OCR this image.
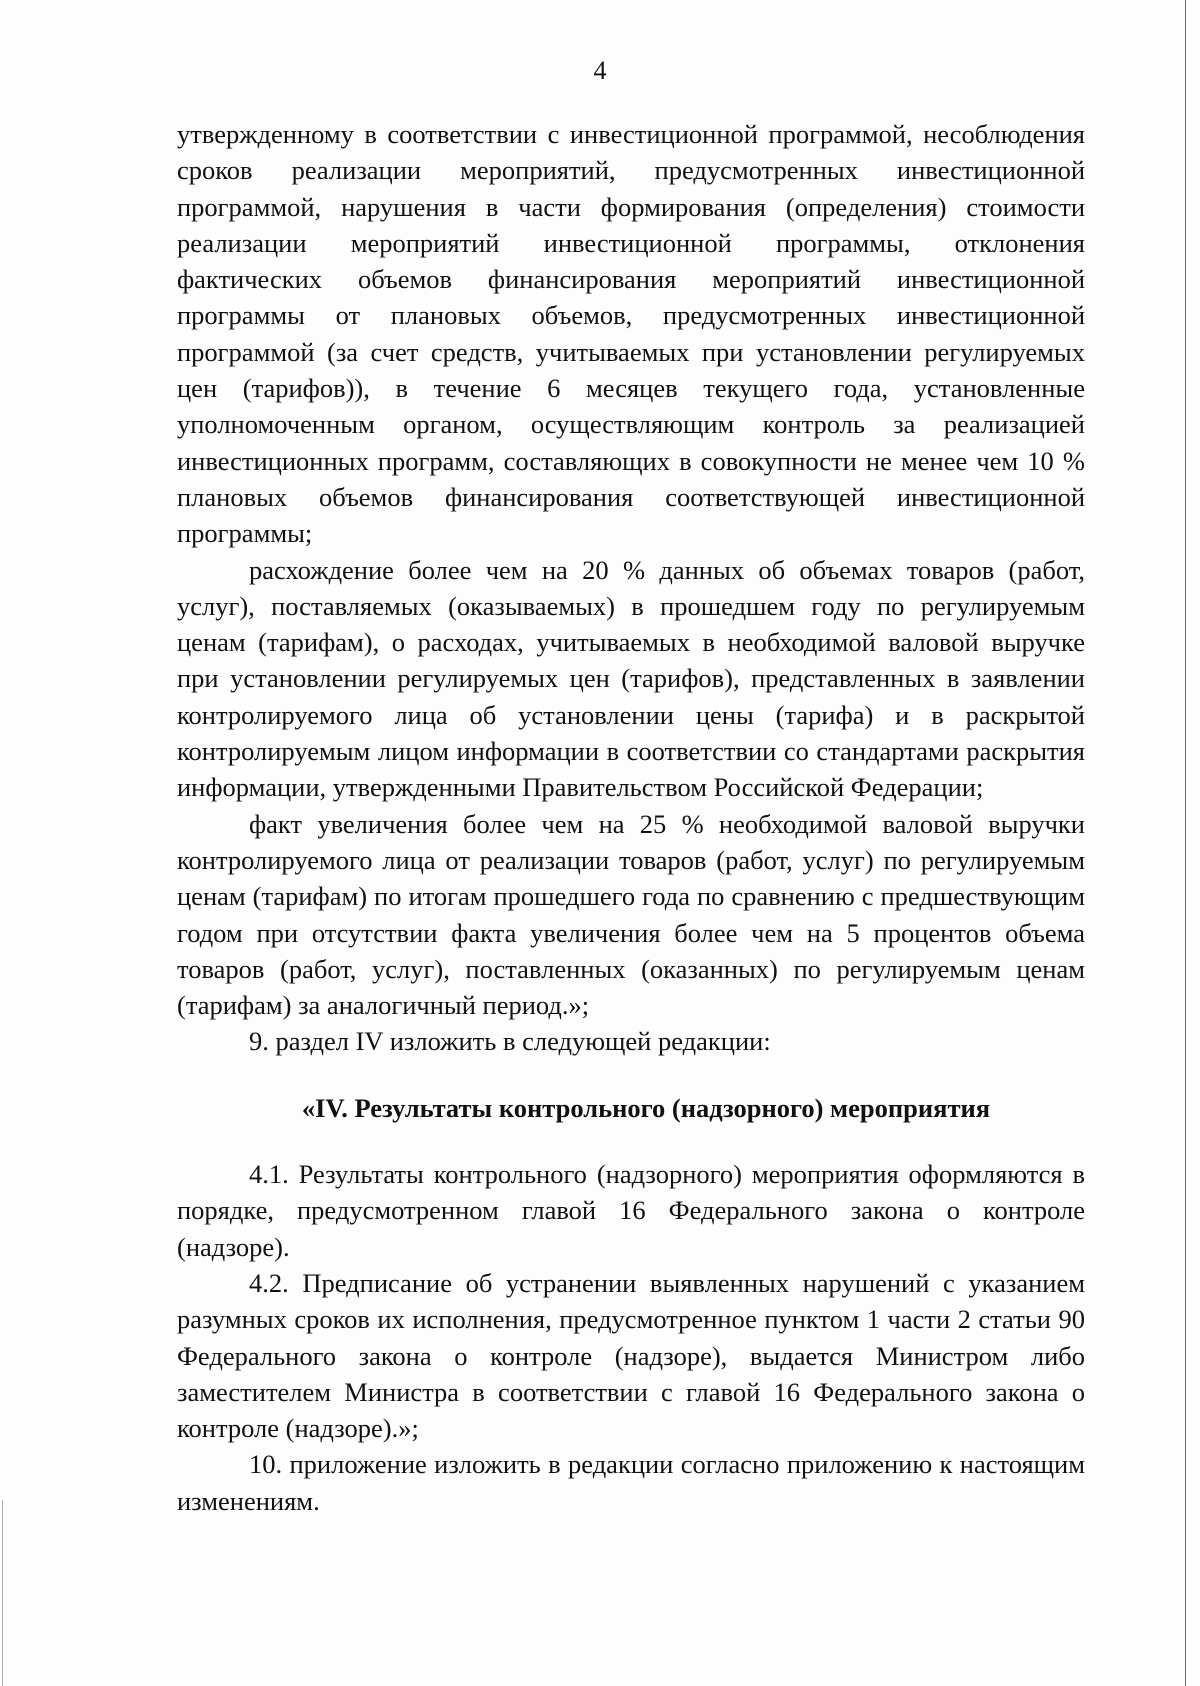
4

утвержденному в соответствии с инвестиционной программой, несоблюдения сроков реализации мероприятий, предусмотренных инвестиционной программой, нарушения в части формирования (определения) стоимости реализации мероприятий инвестиционной программы, отклонения фактических объемов финансирования мероприятий инвестиционной программы от плановых объемов, предусмотренных инвестиционной программой (за счет средств, учитываемых при установлении регулируемых цен (тарифов)), в течение 6 месяцев текущего года, установленные уполномоченным органом, осуществляющим контроль за реализацией инвестиционных программ, составляющих в совокупности не менее чем 10 % плановых объемов финансирования соответствующей инвестиционной программы;

расхождение более чем на 20 % данных об объемах товаров (работ, услуг), поставляемых (оказываемых) в прошедшем году по регулируемым ценам (тарифам), о расходах, учитываемых в необходимой валовой выручке при установлении регулируемых цен (тарифов), представленных в заявлении контролируемого лица об установлении цены (тарифа) и в раскрытой контролируемым лицом информации в соответствии со стандартами раскрытия информации, утвержденными Правительством Российской Федерации;

факт увеличения более чем на 25 % необходимой валовой выручки контролируемого лица от реализации товаров (работ, услуг) по регулируемым ценам (тарифам) по итогам прошедшего года по сравнению с предшествующим годом при отсутствии факта увеличения более чем на 5 процентов объема товаров (работ, услуг), поставленных (оказанных) по регулируемым ценам (тарифам) за аналогичный период.»;

9. раздел IV изложить в следующей редакции:

«IV. Результаты контрольного (надзорного) мероприятия

4.1. Результаты контрольного (надзорного) мероприятия оформляются в порядке, предусмотренном главой 16 Федерального закона о контроле (надзоре).

4.2. Предписание об устранении выявленных нарушений с указанием разумных сроков их исполнения, предусмотренное пунктом 1 части 2 статьи 90 Федерального закона о контроле (надзоре), выдается Министром либо заместителем Министра в соответствии с главой 16 Федерального закона о контроле (надзоре).»;

10. приложение изложить в редакции согласно приложению к настоящим изменениям.
